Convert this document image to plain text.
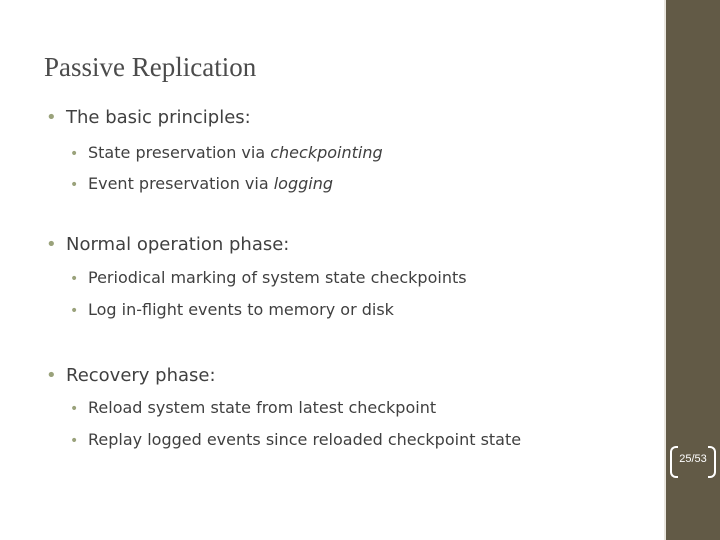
Passive Replication
• The basic principles:
• State preservation via checkpointing
• Event preservation via logging
• Normal operation phase:
• Periodical marking of system state checkpoints
• Log in-flight events to memory or disk
• Recovery phase:
• Reload system state from latest checkpoint
• Replay logged events since reloaded checkpoint state
25/53
